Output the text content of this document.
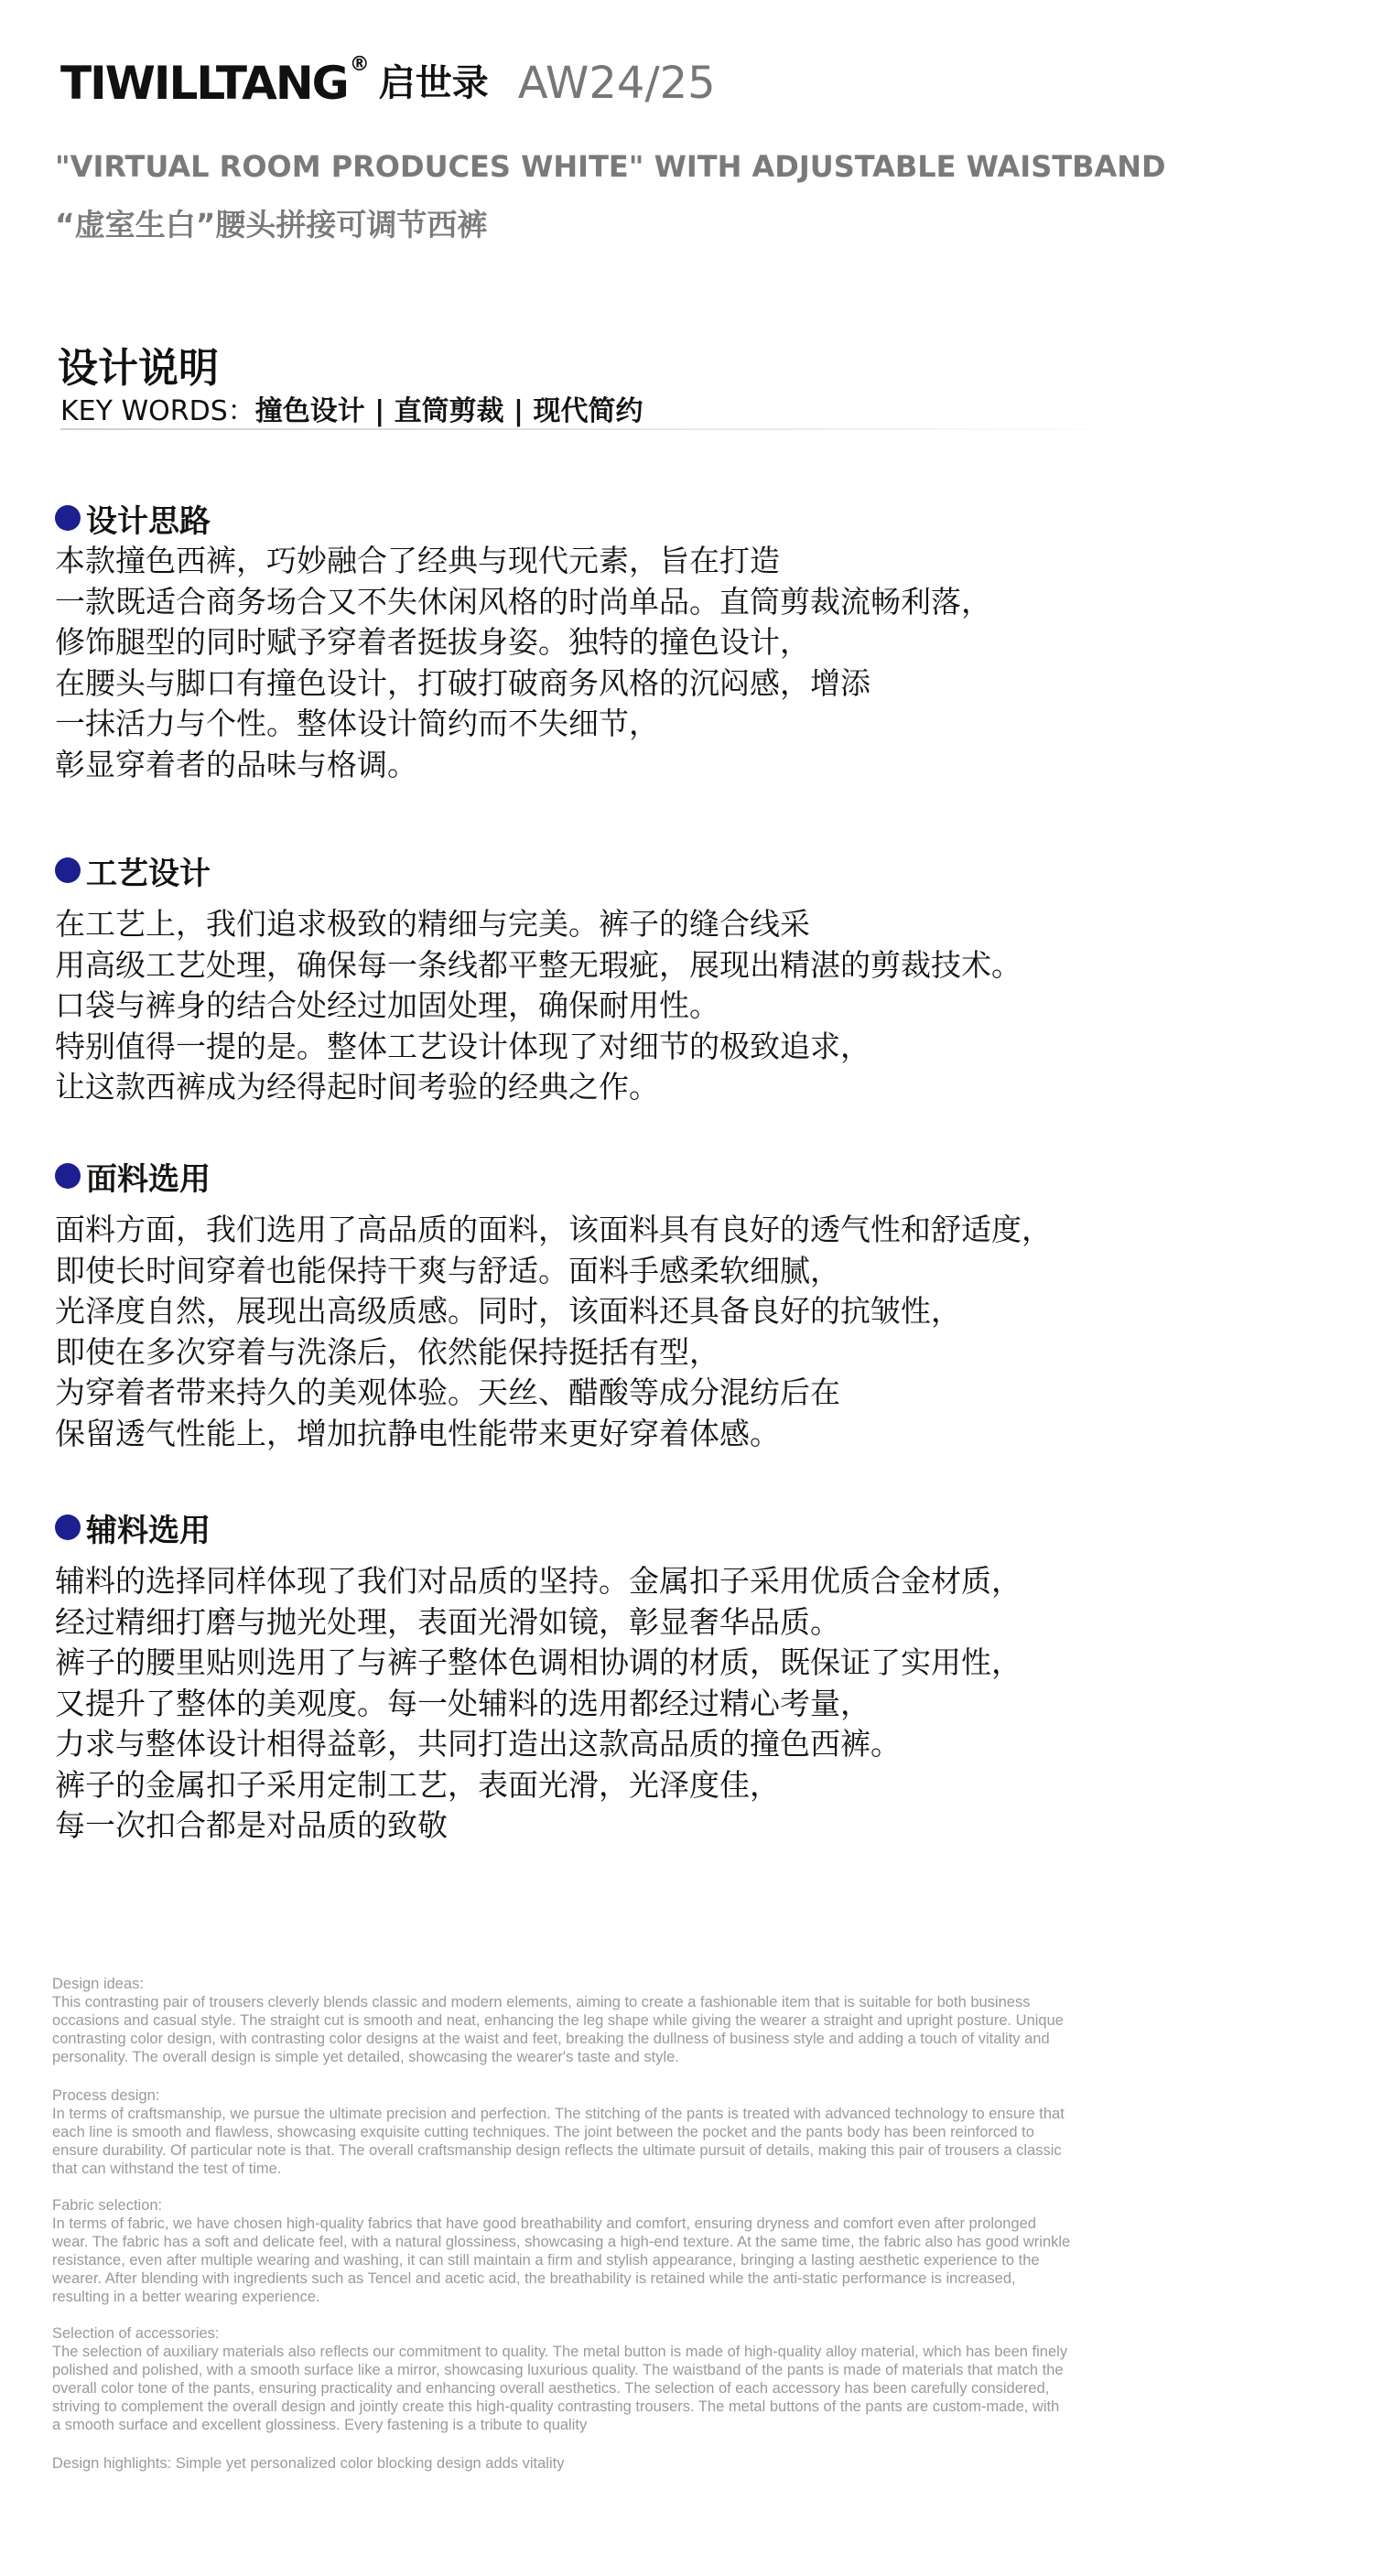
TIWILLTANG® 启世录 AW24/25
"VIRTUAL ROOM PRODUCES WHITE" WITH ADJUSTABLE WAISTBAND
“虚室生白”腰头拼接可调节西裤
设计说明
KEY WORDS：撞色设计 | 直筒剪裁 | 现代简约
设计思路
本款撞色西裤，巧妙融合了经典与现代元素，旨在打造
一款既适合商务场合又不失休闲风格的时尚单品。直筒剪裁流畅利落，
修饰腿型的同时赋予穿着者挺拔身姿。独特的撞色设计，
在腰头与脚口有撞色设计，打破打破商务风格的沉闷感，增添
一抹活力与个性。整体设计简约而不失细节，
彰显穿着者的品味与格调。
工艺设计
在工艺上，我们追求极致的精细与完美。裤子的缝合线采
用高级工艺处理，确保每一条线都平整无瑕疵，展现出精湛的剪裁技术。
口袋与裤身的结合处经过加固处理，确保耐用性。
特别值得一提的是。整体工艺设计体现了对细节的极致追求，
让这款西裤成为经得起时间考验的经典之作。
面料选用
面料方面，我们选用了高品质的面料，该面料具有良好的透气性和舒适度，
即使长时间穿着也能保持干爽与舒适。面料手感柔软细腻，
光泽度自然，展现出高级质感。同时，该面料还具备良好的抗皱性，
即使在多次穿着与洗涤后，依然能保持挺括有型，
为穿着者带来持久的美观体验。天丝、醋酸等成分混纺后在
保留透气性能上，增加抗静电性能带来更好穿着体感。
辅料选用
辅料的选择同样体现了我们对品质的坚持。金属扣子采用优质合金材质，
经过精细打磨与抛光处理，表面光滑如镜，彰显奢华品质。
裤子的腰里贴则选用了与裤子整体色调相协调的材质，既保证了实用性，
又提升了整体的美观度。每一处辅料的选用都经过精心考量，
力求与整体设计相得益彰，共同打造出这款高品质的撞色西裤。
裤子的金属扣子采用定制工艺，表面光滑，光泽度佳，
每一次扣合都是对品质的致敬

Design ideas:

This contrasting pair of trousers cleverly blends classic and modern elements, aiming to create a fashionable item that is suitable for both business

occasions and casual style. The straight cut is smooth and neat, enhancing the leg shape while giving the wearer a straight and upright posture. Unique

contrasting color design, with contrasting color designs at the waist and feet, breaking the dullness of business style and adding a touch of vitality and

personality. The overall design is simple yet detailed, showcasing the wearer's taste and style.

Process design:

In terms of craftsmanship, we pursue the ultimate precision and perfection. The stitching of the pants is treated with advanced technology to ensure that

each line is smooth and flawless, showcasing exquisite cutting techniques. The joint between the pocket and the pants body has been reinforced to

ensure durability. Of particular note is that. The overall craftsmanship design reflects the ultimate pursuit of details, making this pair of trousers a classic

that can withstand the test of time.

Fabric selection:

In terms of fabric, we have chosen high-quality fabrics that have good breathability and comfort, ensuring dryness and comfort even after prolonged

wear. The fabric has a soft and delicate feel, with a natural glossiness, showcasing a high-end texture. At the same time, the fabric also has good wrinkle

resistance, even after multiple wearing and washing, it can still maintain a firm and stylish appearance, bringing a lasting aesthetic experience to the

wearer. After blending with ingredients such as Tencel and acetic acid, the breathability is retained while the anti-static performance is increased,

resulting in a better wearing experience.

Selection of accessories:

The selection of auxiliary materials also reflects our commitment to quality. The metal button is made of high-quality alloy material, which has been finely

polished and polished, with a smooth surface like a mirror, showcasing luxurious quality. The waistband of the pants is made of materials that match the

overall color tone of the pants, ensuring practicality and enhancing overall aesthetics. The selection of each accessory has been carefully considered,

striving to complement the overall design and jointly create this high-quality contrasting trousers. The metal buttons of the pants are custom-made, with

a smooth surface and excellent glossiness. Every fastening is a tribute to quality

Design highlights: Simple yet personalized color blocking design adds vitality
